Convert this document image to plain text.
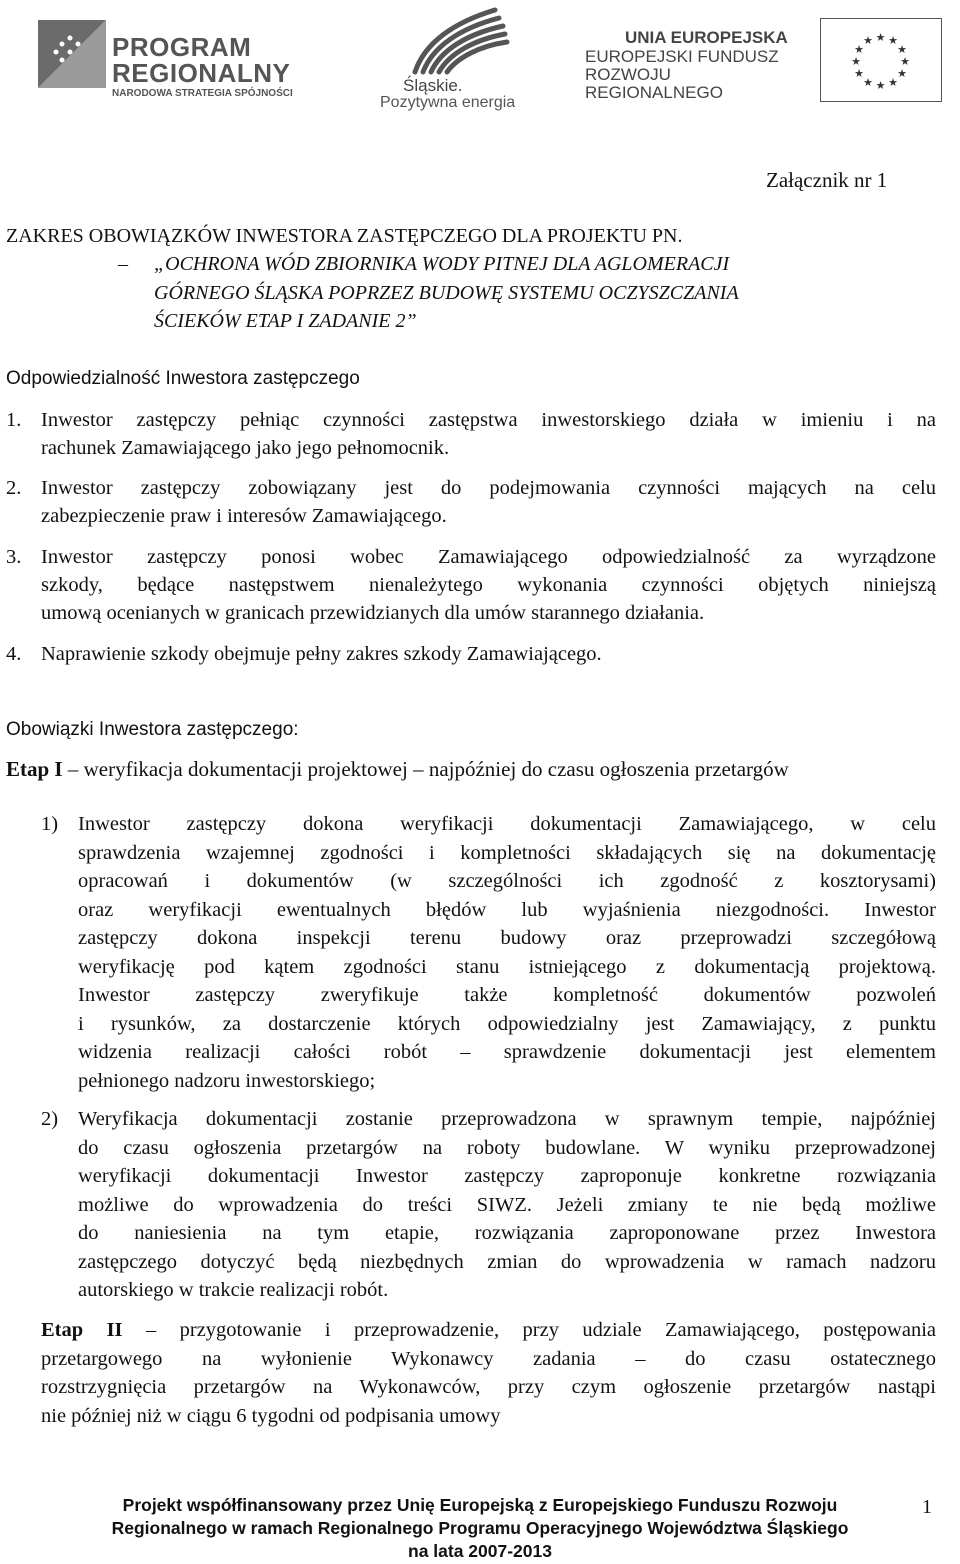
PROGRAM
REGIONALNY
NARODOWA STRATEGIA SPÓJNOŚCI	Śląskie.
Pozytywna energia
UNIA EUROPEJSKA
EUROPEJSKI FUNDUSZ
ROZWOJU REGIONALNEGO
★ ★
★
★
★
★
★
★
★
★
★
★
Załącznik nr 1
ZAKRES OBOWIĄZKÓW INWESTORA ZASTĘPCZEGO DLA PROJEKTU PN.
– „OCHRONA WÓD ZBIORNIKA WODY PITNEJ DLA AGLOMERACJI
GÓRNEGO ŚLĄSKA POPRZEZ BUDOWĘ SYSTEMU OCZYSZCZANIA
ŚCIEKÓW ETAP I ZADANIE 2”
Odpowiedzialność Inwestora zastępczego
1. Inwestor zastępczy pełniąc czynności zastępstwa inwestorskiego działa w imieniu i na
rachunek Zamawiającego jako jego pełnomocnik.
2. Inwestor zastępczy zobowiązany jest do podejmowania czynności mających na celu
zabezpieczenie praw i interesów Zamawiającego.
3. Inwestor zastępczy ponosi wobec Zamawiającego odpowiedzialność za wyrządzone
szkody, będące następstwem nienależytego wykonania czynności objętych niniejszą
umową ocenianych w granicach przewidzianych dla umów starannego działania.
4. Naprawienie szkody obejmuje pełny zakres szkody Zamawiającego.
Obowiązki Inwestora zastępczego:
Etap I – weryfikacja dokumentacji projektowej – najpóźniej do czasu ogłoszenia przetargów
1) Inwestor zastępczy dokona weryfikacji dokumentacji Zamawiającego, w celu
sprawdzenia wzajemnej zgodności i kompletności składających się na dokumentację
opracowań i dokumentów (w szczególności ich zgodność z kosztorysami)
oraz weryfikacji ewentualnych błędów lub wyjaśnienia niezgodności. Inwestor
zastępczy dokona inspekcji terenu budowy oraz przeprowadzi szczegółową
weryfikację pod kątem zgodności stanu istniejącego z dokumentacją projektową.
Inwestor zastępczy zweryfikuje także kompletność dokumentów pozwoleń
i rysunków, za dostarczenie których odpowiedzialny jest Zamawiający, z punktu
widzenia realizacji całości robót – sprawdzenie dokumentacji jest elementem
pełnionego nadzoru inwestorskiego;
2) Weryfikacja dokumentacji zostanie przeprowadzona w sprawnym tempie, najpóźniej
do czasu ogłoszenia przetargów na roboty budowlane. W wyniku przeprowadzonej
weryfikacji dokumentacji Inwestor zastępczy zaproponuje konkretne rozwiązania
możliwe do wprowadzenia do treści SIWZ. Jeżeli zmiany te nie będą możliwe
do naniesienia na tym etapie, rozwiązania zaproponowane przez Inwestora
zastępczego dotyczyć będą niezbędnych zmian do wprowadzenia w ramach nadzoru
autorskiego w trakcie realizacji robót.
Etap II – przygotowanie i przeprowadzenie, przy udziale Zamawiającego, postępowania
przetargowego na wyłonienie Wykonawcy zadania – do czasu ostatecznego
rozstrzygnięcia przetargów na Wykonawców, przy czym ogłoszenie przetargów nastąpi
nie później niż w ciągu 6 tygodni od podpisania umowy
Projekt współfinansowany przez Unię Europejską z Europejskiego Funduszu Rozwoju
Regionalnego w ramach Regionalnego Programu Operacyjnego Województwa Śląskiego
na lata 2007-2013
1
